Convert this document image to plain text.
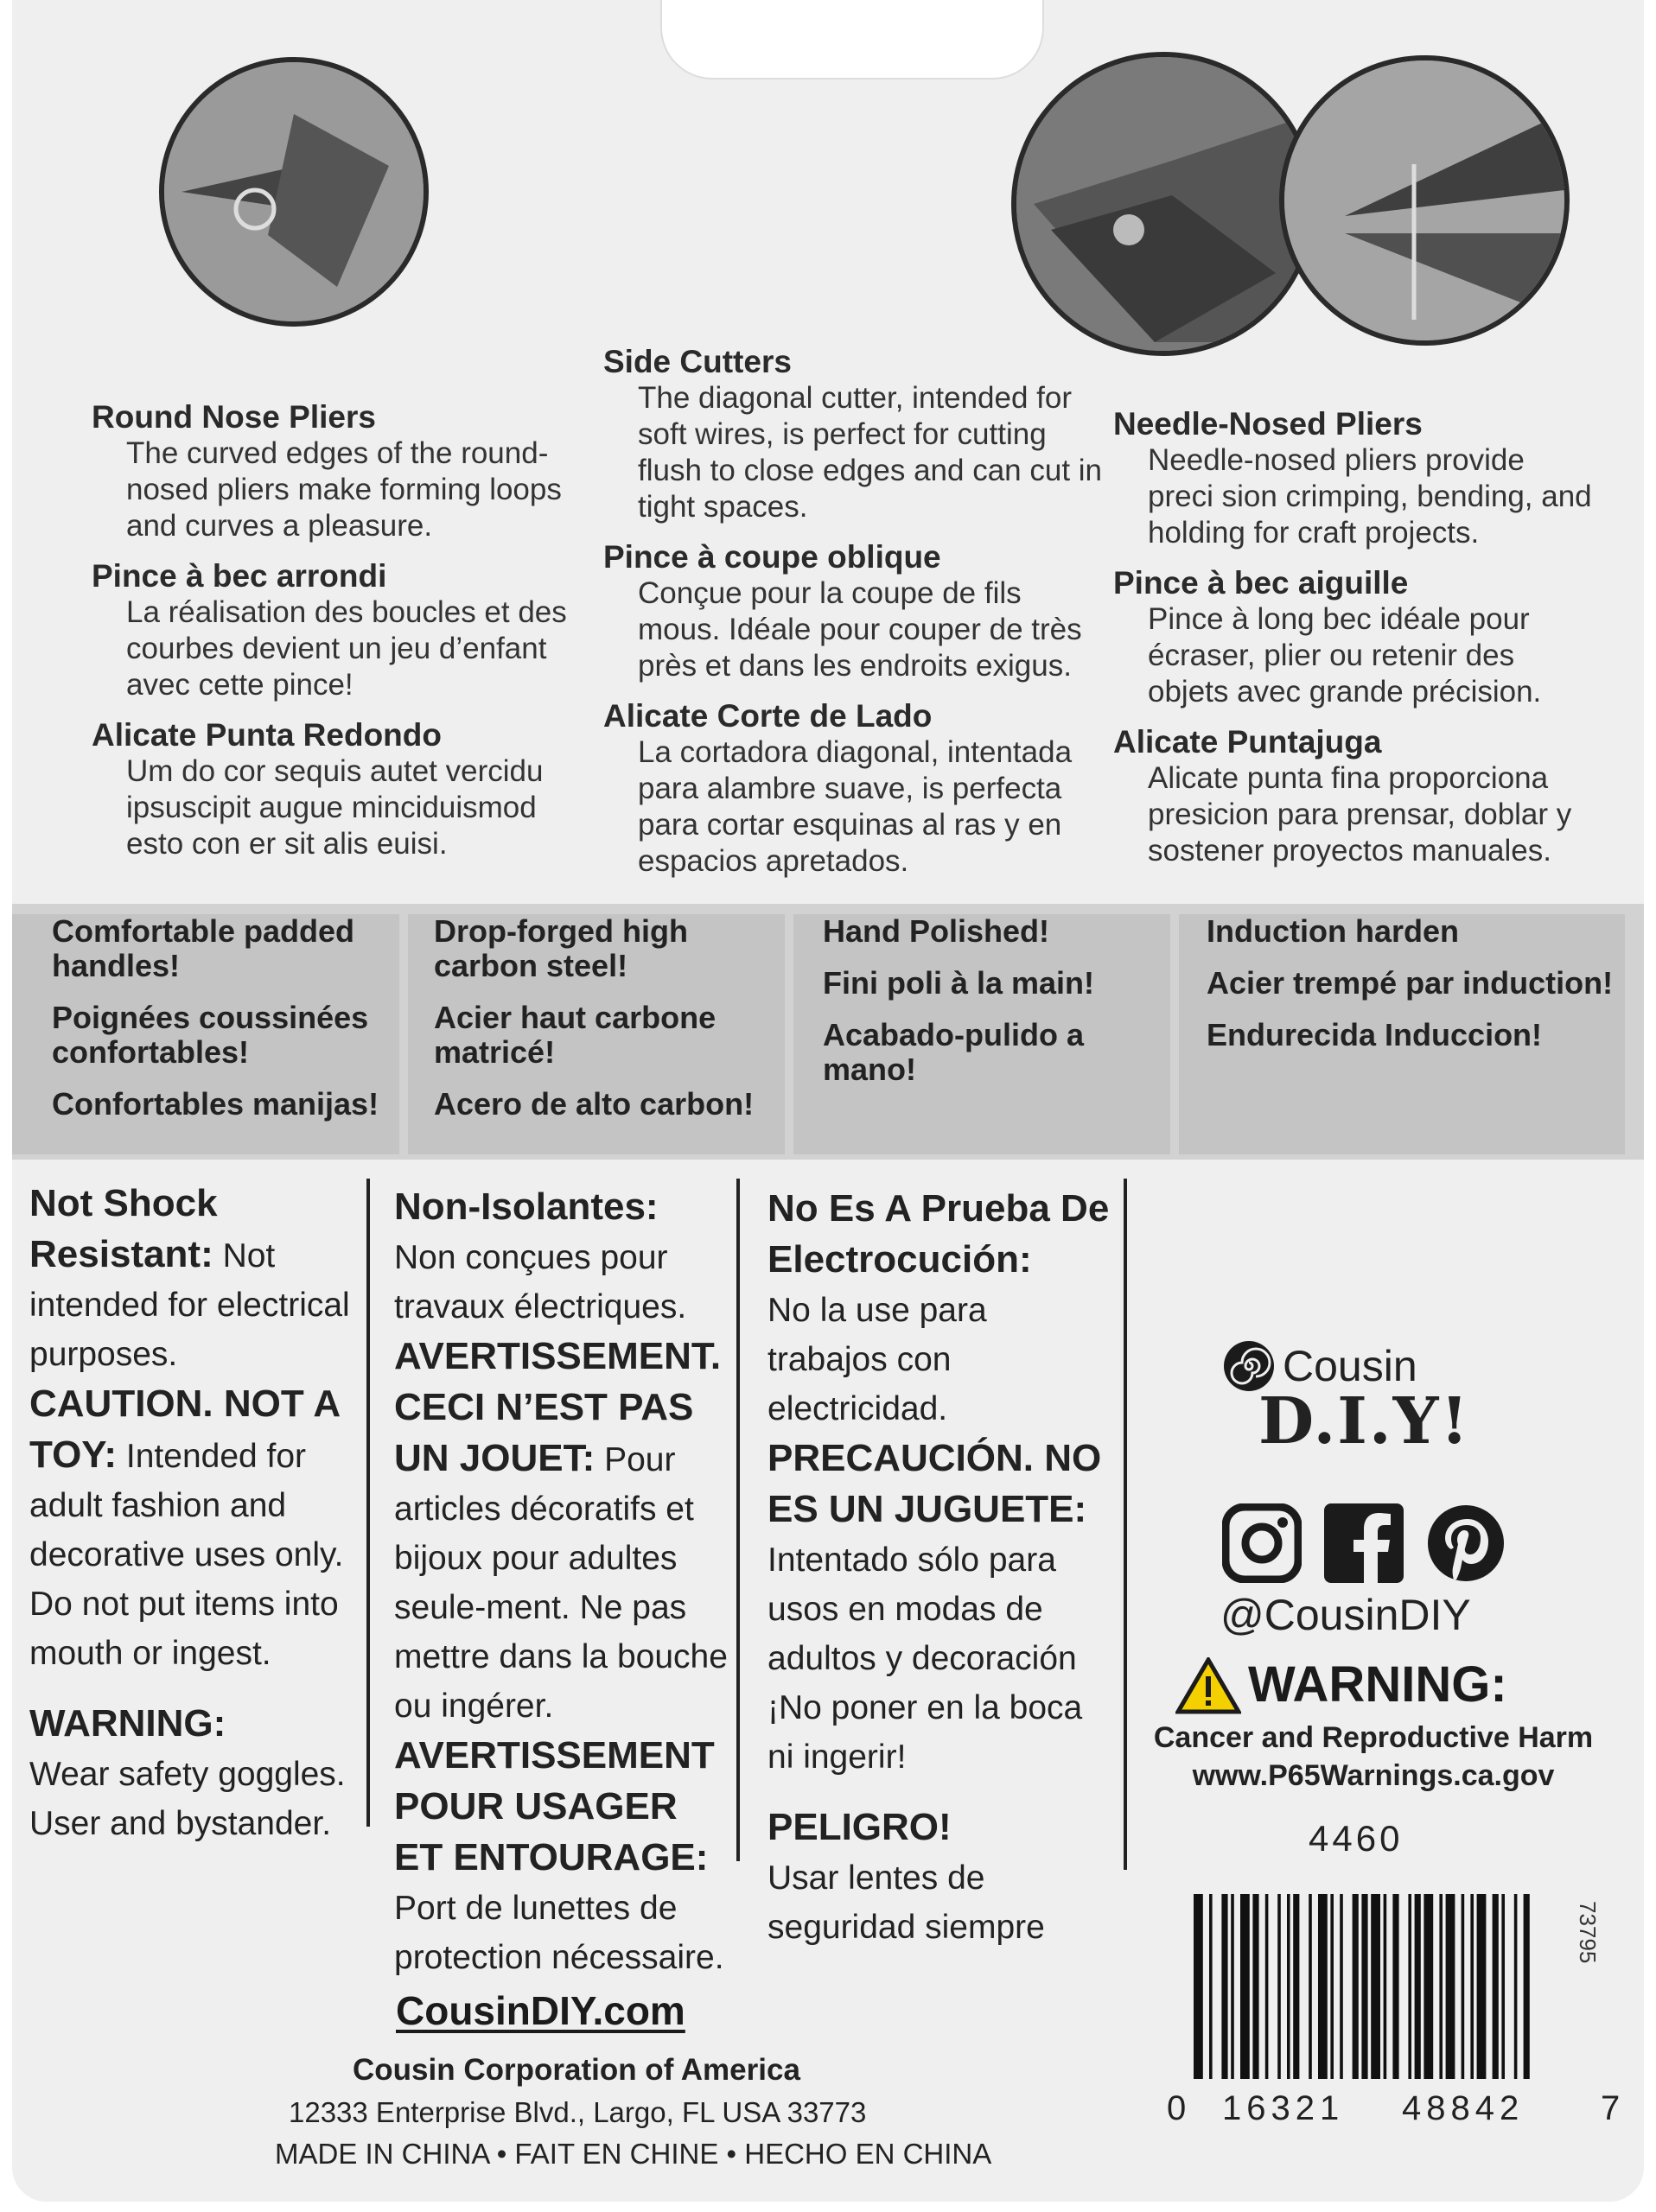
Round Nose Pliers

The curved edges of the round-nosed pliers make forming loops and curves a pleasure.

Pince à bec arrondi

La réalisation des boucles et des courbes devient un jeu d’enfant avec cette pince!

Alicate Punta Redondo

Um do cor sequis autet vercidu ipsuscipit augue minciduismod esto con er sit alis euisi.

Side Cutters

The diagonal cutter, intended for soft wires, is perfect for cutting flush to close edges and can cut in tight spaces.

Pince à coupe oblique

Conçue pour la coupe de fils mous. Idéale pour couper de très près et dans les endroits exigus.

Alicate Corte de Lado

La cortadora diagonal, intentada para alambre suave, is perfecta para cortar esquinas al ras y en espacios apretados.

Needle-Nosed Pliers

Needle-nosed pliers provide preci sion crimping, bending, and holding for craft projects.

Pince à bec aiguille

Pince à long bec idéale pour écraser, plier ou retenir des objets avec grande précision.

Alicate Puntajuga

Alicate punta fina proporciona presicion para prensar, doblar y sostener proyectos manuales.

Comfortable padded handles!
Poignées coussinées confortables!
Confortables manijas!
Drop-forged high carbon steel!
Acier haut carbone matricé!
Acero de alto carbon!
Hand Polished!
Fini poli à la main!
Acabado-pulido a mano!
Induction harden
Acier trempé par induction!
Endurecida Induccion!
Not Shock Resistant: Not intended for electrical purposes.
CAUTION. NOT A TOY: Intended for adult fashion and decorative uses only. Do not put items into mouth or ingest.
WARNING:
Wear safety goggles. User and bystander.
Non-Isolantes:
Non conçues pour travaux électriques.
AVERTISSEMENT. CECI N’EST PAS UN JOUET: Pour articles décoratifs et bijoux pour adultes seule-ment. Ne pas mettre dans la bouche ou ingérer.
AVERTISSEMENT POUR USAGER ET ENTOURAGE:
Port de lunettes de protection nécessaire.
No Es A Prueba De Electrocución:
No la use para trabajos con electricidad.
PRECAUCIÓN. NO ES UN JUGUETE:
Intentado sólo para usos en modas de adultos y decoración ¡No poner en la boca ni ingerir!
PELIGRO!
Usar lentes de seguridad siempre
Cousin
D.I.Y!
@CousinDIY
WARNING:
Cancer and Reproductive Harm
www.P65Warnings.ca.gov
4460
73795
0 16321 48842 7
CousinDIY.com
Cousin Corporation of America
12333 Enterprise Blvd., Largo, FL USA 33773
MADE IN CHINA • FAIT EN CHINE • HECHO EN CHINA
